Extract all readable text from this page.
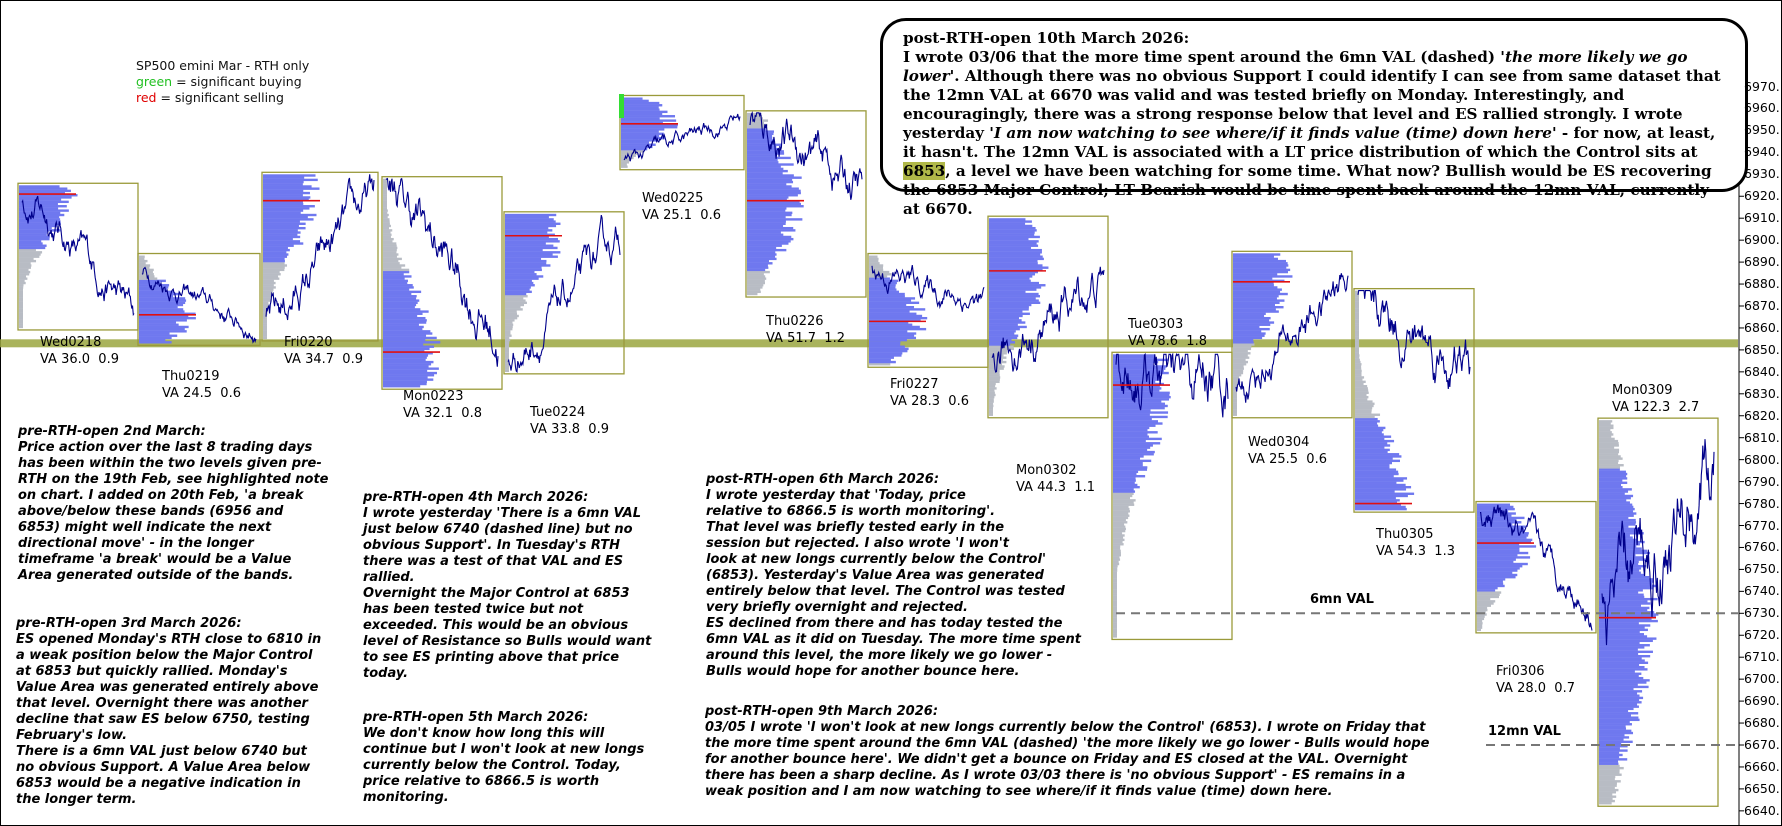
SP500 emini Mar - RTH only
green = significant buying
red = significant selling
post-RTH-open 10th March 2026:
I wrote 03/06 that the more time spent around the 6mn VAL (dashed) 'the more likely we go lower'. Although there was no obvious Support I could identify I can see from same dataset that the 12mn VAL at 6670 was valid and was tested briefly on Monday. Interestingly, and encouragingly, there was a strong response below that level and ES rallied strongly. I wrote yesterday 'I am now watching to see where/if it finds value (time) down here' - for now, at least, it hasn't. The 12mn VAL is associated with a LT price distribution of which the Control sits at 6853, a level we have been watching for some time. What now? Bullish would be ES recovering the 6853 Major Control; LT Bearish would be time spent back around the 12mn VAL, currently at 6670.
pre-RTH-open 2nd March:
Price action over the last 8 trading days
has been within the two levels given pre-
RTH on the 19th Feb, see highlighted note
on chart. I added on 20th Feb, 'a break
above/below these bands (6956 and
6853) might well indicate the next
directional move' - in the longer
timeframe 'a break' would be a Value
Area generated outside of the bands.
pre-RTH-open 3rd March 2026:
ES opened Monday's RTH close to 6810 in
a weak position below the Major Control
at 6853 but quickly rallied. Monday's
Value Area was generated entirely above
that level. Overnight there was another
decline that saw ES below 6750, testing
February's low.
There is a 6mn VAL just below 6740 but
no obvious Support. A Value Area below
6853 would be a negative indication in
the longer term.
pre-RTH-open 4th March 2026:
I wrote yesterday 'There is a 6mn VAL
just below 6740 (dashed line) but no
obvious Support'. In Tuesday's RTH
there was a test of that VAL and ES
rallied.
Overnight the Major Control at 6853
has been tested twice but not
exceeded. This would be an obvious
level of Resistance so Bulls would want
to see ES printing above that price
today.
pre-RTH-open 5th March 2026:
We don't know how long this will
continue but I won't look at new longs
currently below the Control. Today,
price relative to 6866.5 is worth
monitoring.
post-RTH-open 6th March 2026:
I wrote yesterday that 'Today, price
relative to 6866.5 is worth monitoring'.
That level was briefly tested early in the
session but rejected. I also wrote 'I won't
look at new longs currently below the Control'
(6853). Yesterday's Value Area was generated
entirely below that level. The Control was tested
very briefly overnight and rejected.
ES declined from there and has today tested the
6mn VAL as it did on Tuesday. The more time spent
around this level, the more likely we go lower -
Bulls would hope for another bounce here.
post-RTH-open 9th March 2026:
03/05 I wrote 'I won't look at new longs currently below the Control' (6853). I wrote on Friday that
the more time spent around the 6mn VAL (dashed) 'the more likely we go lower - Bulls would hope
for another bounce here'. We didn't get a bounce on Friday and ES closed at the VAL. Overnight
there has been a sharp decline. As I wrote 03/03 there is 'no obvious Support' - ES remains in a
weak position and I am now watching to see where/if it finds value (time) down here.
Wed0218
VA 36.0  0.9
Thu0219
VA 24.5  0.6
Fri0220
VA 34.7  0.9
Mon0223
VA 32.1  0.8	Tue0224
VA 33.8  0.9
Wed0225
VA 25.1  0.6
Thu0226
VA 51.7  1.2
Fri0227
VA 28.3  0.6
Mon0302
VA 44.3  1.1
Tue0303
VA 78.6  1.8
Wed0304
VA 25.5  0.6
Thu0305
VA 54.3  1.3
Fri0306
VA 28.0  0.7
Mon0309
VA 122.3  2.7
6mn VAL
12mn VAL
6970.
6960.
6950.
6940.
6930.
6920.
6910.
6900.
6890.
6880.
6870.
6860.
6850.
6840.
6830.
6820.
6810.
6800.
6790.
6780.
6770.
6760.
6750.
6740.
6730.
6720.
6710.
6700.
6690.
6680.
6670.
6660.
6650.
6640.
